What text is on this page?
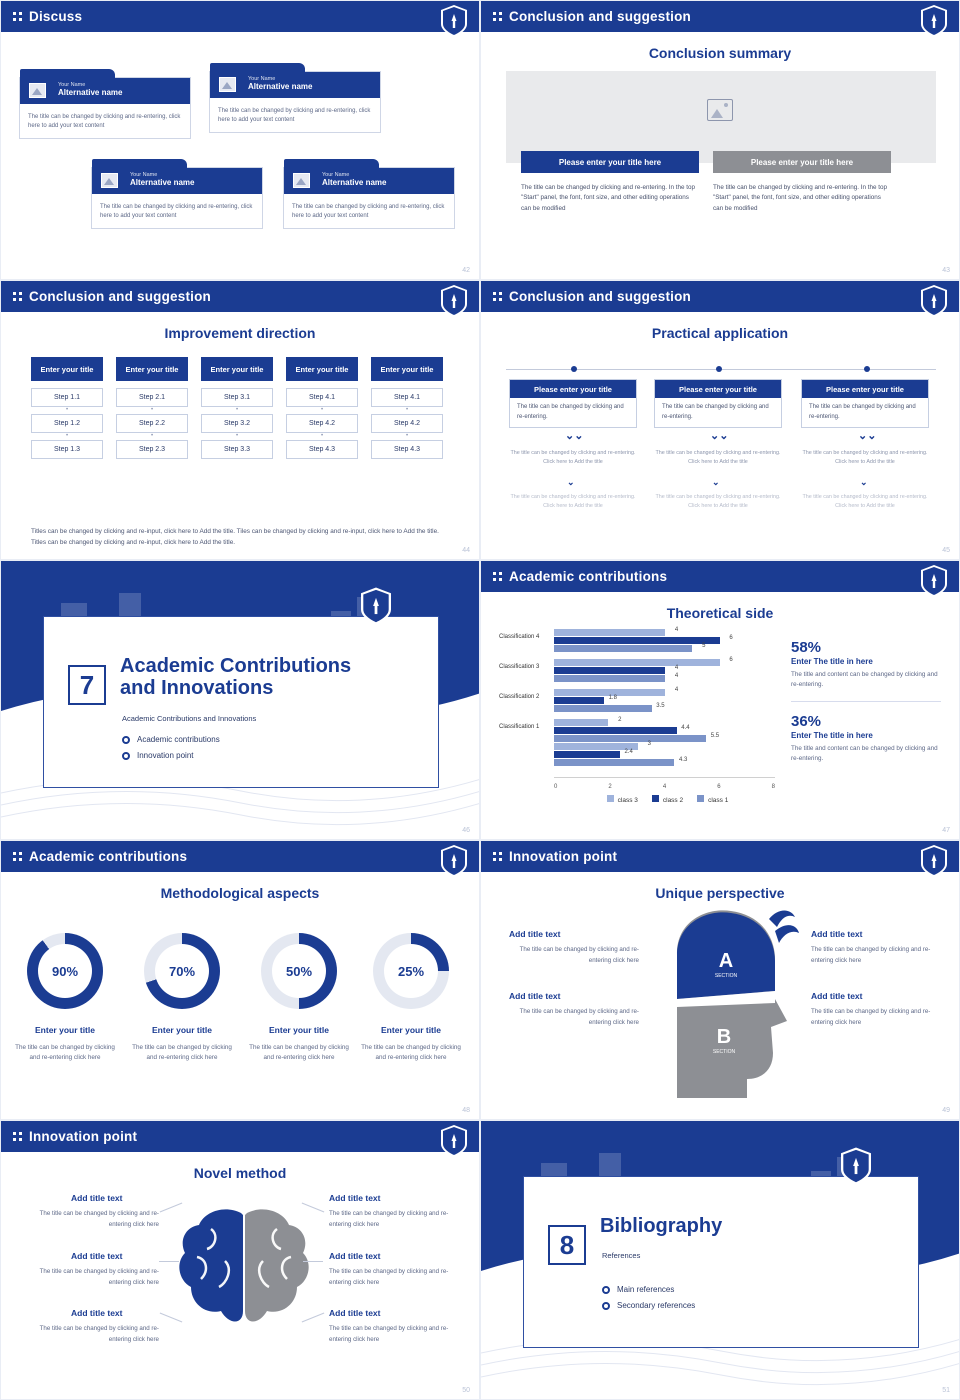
Discuss
Your Name
Alternative name

The title can be changed by clicking and re-entering, click here to add your text content

Your Name
Alternative name

The title can be changed by clicking and re-entering, click here to add your text content

Your Name
Alternative name

The title can be changed by clicking and re-entering, click here to add your text content

Your Name
Alternative name

The title can be changed by clicking and re-entering, click here to add your text content

42
Conclusion and suggestion
Conclusion summary
Please enter your title here	Please enter your title here
The title can be changed by clicking and re-entering. In the top "Start" panel, the font, font size, and other editing operations can be modified
The title can be changed by clicking and re-entering. In the top "Start" panel, the font, font size, and other editing operations can be modified
43
Conclusion and suggestion
Improvement direction
Enter your title
Step 1.1
•
Step 1.2
•
Step 1.3
Enter your title
Step 2.1
•
Step 2.2
•
Step 2.3
Enter your title
Step 3.1
•
Step 3.2
•
Step 3.3
Enter your title
Step 4.1
•
Step 4.2
•
Step 4.3
Enter your title
Step 4.1
•
Step 4.2
•
Step 4.3
Titles can be changed by clicking and re-input, click here to Add the title. Tiles can be changed by clicking and re-input, click here to Add the title. Titles can be changed by clicking and re-input, click here to Add the title.
44
Conclusion and suggestion
Practical application
Please enter your title
The title can be changed by clicking and re-entering.
Please enter your title
The title can be changed by clicking and re-entering.
Please enter your title
The title can be changed by clicking and re-entering.
⌄⌄	⌄⌄	⌄⌄
The title can be changed by clicking and re-entering. Click here to Add the title
The title can be changed by clicking and re-entering. Click here to Add the title
The title can be changed by clicking and re-entering. Click here to Add the title
⌄	⌄	⌄
The title can be changed by clicking and re-entering. Click here to Add the title
The title can be changed by clicking and re-entering. Click here to Add the title
The title can be changed by clicking and re-entering. Click here to Add the title
45
7
Academic Contributions
and Innovations
Academic Contributions and Innovations
Academic contributions
Innovation point
46
Academic contributions
Theoretical side
Classification 4
4
6
5
Classification 3
6
4
4
Classification 2
4
1.8
3.5
Classification 1
2
4.4
5.5
3
2.4
4.3
0	2	4	6	8
class 3	class 2	class 1
58%
Enter The title in here
The title and content can be changed by clicking and re-entering.
36%
Enter The title in here
The title and content can be changed by clicking and re-entering.
47
Academic contributions
Methodological aspects
90%	70%	50%	25%
Enter your title	Enter your title	Enter your title	Enter your title
The title can be changed by clicking and re-entering click here
The title can be changed by clicking and re-entering click here
The title can be changed by clicking and re-entering click here
The title can be changed by clicking and re-entering click here
48
Innovation point
Unique perspective
A
SECTION
B
SECTION
Add title text
The title can be changed by clicking and re-entering click here
Add title text
The title can be changed by clicking and re-entering click here
Add title text
The title can be changed by clicking and re-entering click here
Add title text
The title can be changed by clicking and re-entering click here
49
Innovation point
Novel method
Add title text
The title can be changed by clicking and re-entering click here
Add title text
The title can be changed by clicking and re-entering click here
Add title text
The title can be changed by clicking and re-entering click here
Add title text
The title can be changed by clicking and re-entering click here
Add title text
The title can be changed by clicking and re-entering click here
Add title text
The title can be changed by clicking and re-entering click here
50
8
Bibliography
References
Main references
Secondary references
51
